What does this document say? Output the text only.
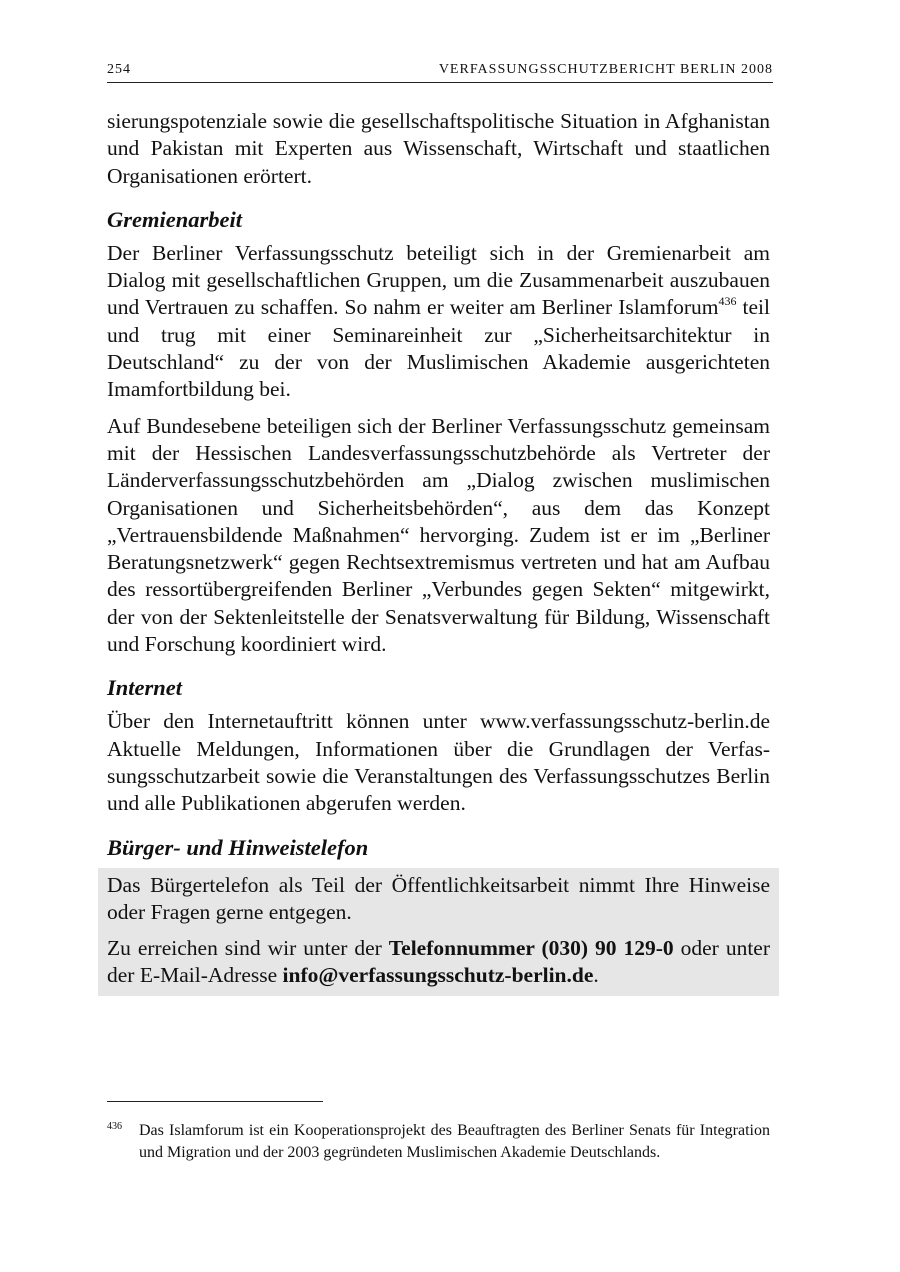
254	VERFASSUNGSSCHUTZBERICHT BERLIN 2008

sierungspotenziale sowie die gesellschaftspolitische Situation in Afghanistan und Pakistan mit Experten aus Wissenschaft, Wirtschaft und staatlichen Organisationen erörtert.

Gremienarbeit

Der Berliner Verfassungsschutz beteiligt sich in der Gremienarbeit am Dialog mit gesellschaftlichen Gruppen, um die Zusammenarbeit auszubauen und Vertrauen zu schaffen. So nahm er weiter am Berliner Islamforum$^{436}$ teil und trug mit einer Seminareinheit zur „Sicherheitsarchitektur in Deutschland“ zu der von der Muslimischen Akademie ausgerichteten Imamfortbildung bei.

Auf Bundesebene beteiligen sich der Berliner Verfassungsschutz gemeinsam mit der Hessischen Landesverfassungsschutzbehörde als Vertreter der Länderverfassungsschutzbehörden am „Dialog zwischen muslimischen Organisationen und Sicherheitsbehörden“, aus dem das Konzept „Vertrauensbildende Maßnahmen“ hervorging. Zudem ist er im „Berliner Beratungsnetzwerk“ gegen Rechtsextremismus vertreten und hat am Aufbau des ressortübergreifenden Berliner „Verbundes gegen Sekten“ mitgewirkt, der von der Sektenleitstelle der Senatsverwaltung für Bildung, Wissenschaft und Forschung koordiniert wird.

Internet

Über den Internetauftritt können unter www.verfassungsschutz-berlin.de Aktuelle Meldungen, Informationen über die Grundlagen der Verfassungsschutzarbeit sowie die Veranstaltungen des Verfassungsschutzes Berlin und alle Publikationen abgerufen werden.

Bürger- und Hinweistelefon

Das Bürgertelefon als Teil der Öffentlichkeitsarbeit nimmt Ihre Hinweise oder Fragen gerne entgegen.

Zu erreichen sind wir unter der Telefonnummer (030) 90 129-0 oder unter der E-Mail-Adresse info@verfassungsschutz-berlin.de.

436	Das Islamforum ist ein Kooperationsprojekt des Beauftragten des Berliner Senats für Integration und Migration und der 2003 gegründeten Muslimischen Akademie Deutschlands.
